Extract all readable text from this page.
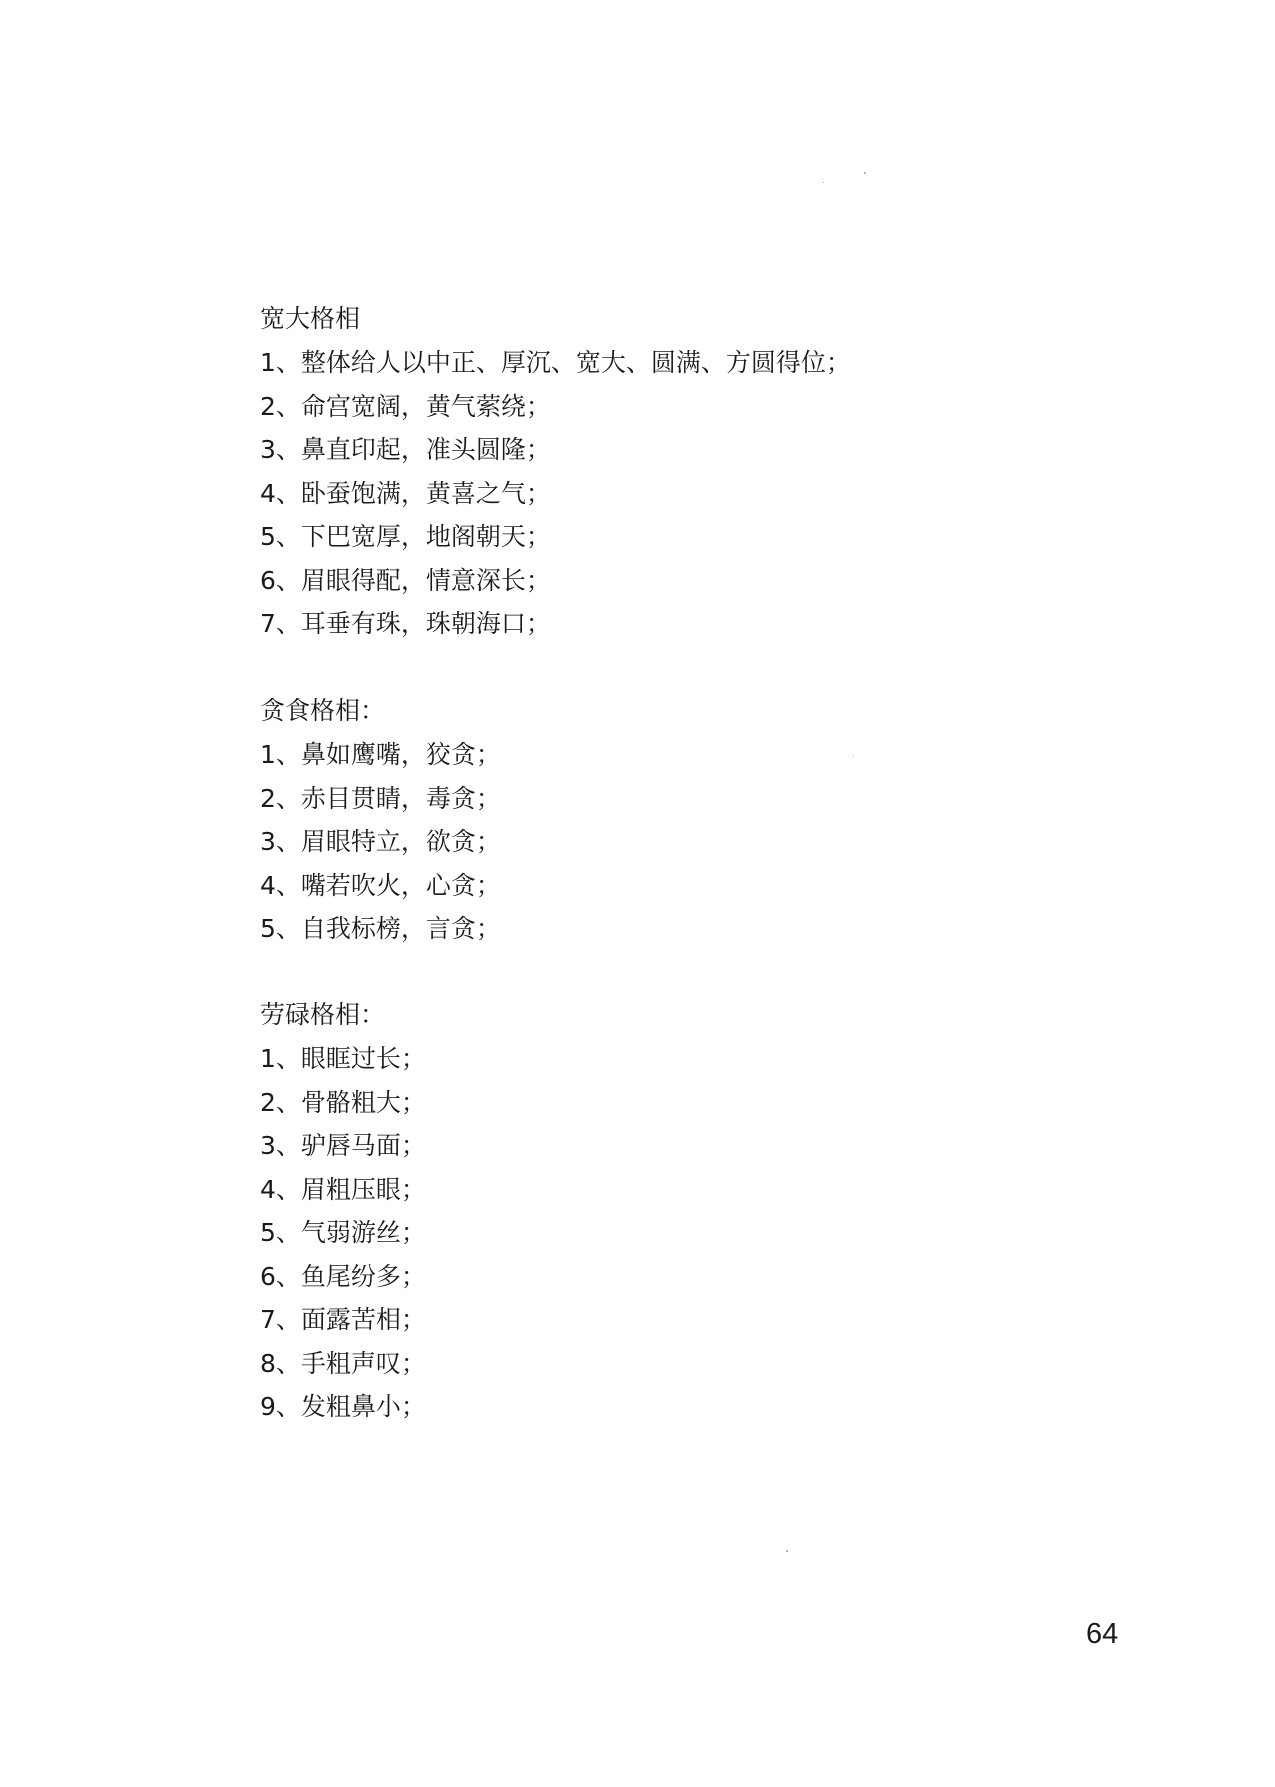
宽大格相
1、整体给人以中正、厚沉、宽大、圆满、方圆得位；
2、命宫宽阔，黄气萦绕；
3、鼻直印起，准头圆隆；
4、卧蚕饱满，黄喜之气；
5、下巴宽厚，地阁朝天；
6、眉眼得配，情意深长；
7、耳垂有珠，珠朝海口；
贪食格相：
1、鼻如鹰嘴，狡贪；
2、赤目贯睛，毒贪；
3、眉眼特立，欲贪；
4、嘴若吹火，心贪；
5、自我标榜，言贪；
劳碌格相：
1、眼眶过长；
2、骨骼粗大；
3、驴唇马面；
4、眉粗压眼；
5、气弱游丝；
6、鱼尾纷多；
7、面露苦相；
8、手粗声叹；
9、发粗鼻小；
64
